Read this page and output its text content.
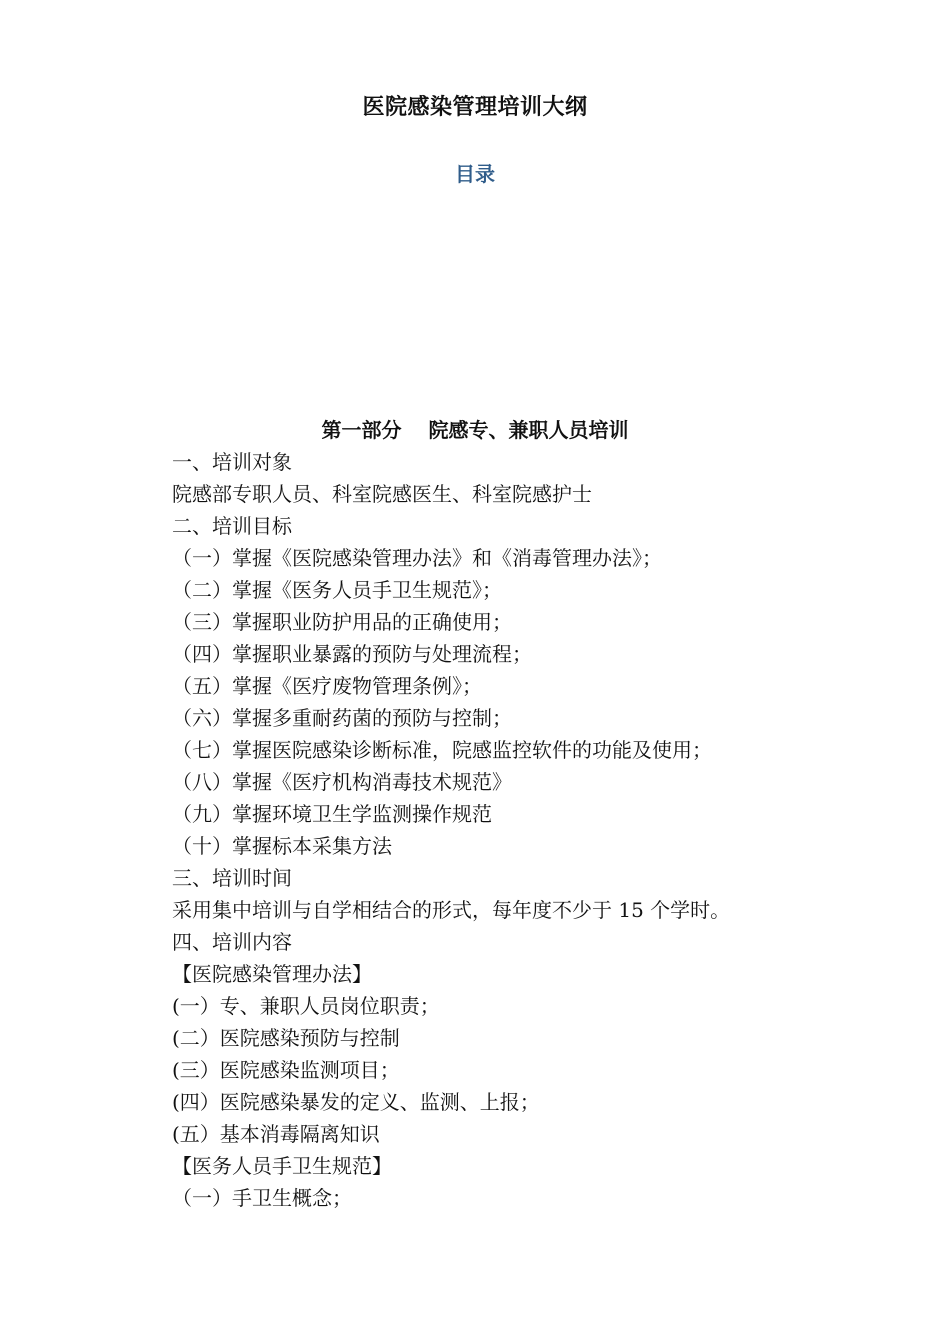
医院感染管理培训大纲
目录
第一部分　 院感专、兼职人员培训
一、培训对象
院感部专职人员、科室院感医生、科室院感护士
二、培训目标
（一）掌握《医院感染管理办法》和《消毒管理办法》；
（二）掌握《医务人员手卫生规范》；
（三）掌握职业防护用品的正确使用；
（四）掌握职业暴露的预防与处理流程；
（五）掌握《医疗废物管理条例》；
（六）掌握多重耐药菌的预防与控制；
（七）掌握医院感染诊断标准，院感监控软件的功能及使用；
（八）掌握《医疗机构消毒技术规范》
（九）掌握环境卫生学监测操作规范
（十）掌握标本采集方法
三、培训时间
采用集中培训与自学相结合的形式，每年度不少于 15 个学时。
四、培训内容
【医院感染管理办法】
(一）专、兼职人员岗位职责；
(二）医院感染预防与控制
(三）医院感染监测项目；
(四）医院感染暴发的定义、监测、上报；
(五）基本消毒隔离知识
【医务人员手卫生规范】
（一）手卫生概念；
